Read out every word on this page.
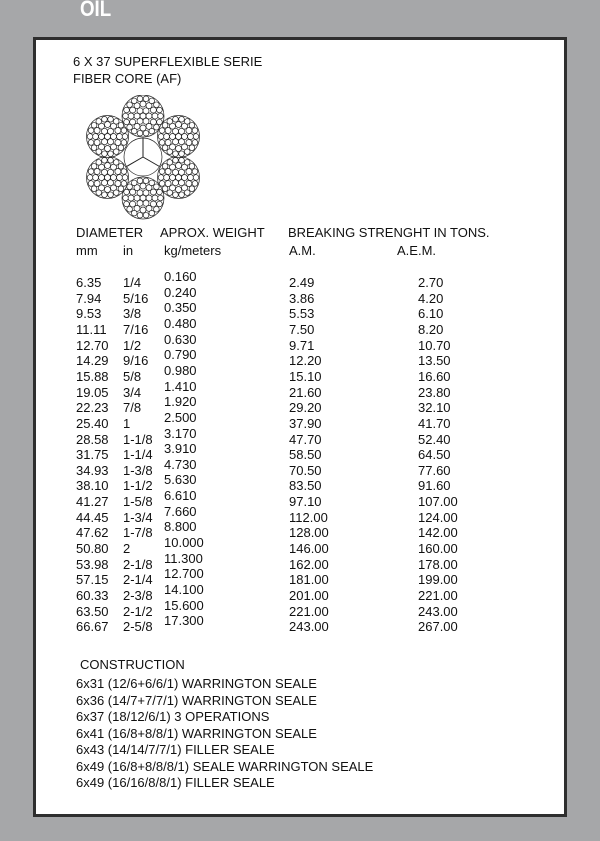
OIL
6 X 37 SUPERFLEXIBLE SERIE
FIBER CORE (AF)
DIAMETER APROX. WEIGHT BREAKING STRENGHT IN TONS.
mm in kg/meters	A.M.	A.E.M.
6.35 1/4 0.160	2.49	2.70
7.94 5/16 0.240	3.86	4.20
9.53 3/8 0.350	5.53	6.10
11.11 7/16 0.480	7.50	8.20
12.70 1/2 0.630	9.71	10.70
14.29 9/16 0.790	12.20	13.50
15.88 5/8 0.980	15.10	16.60
19.05 3/4 1.410	21.60	23.80
22.23 7/8 1.920	29.20	32.10
25.40 1	2.500	37.90	41.70
28.58 1-1/8 3.170	47.70	52.40
31.75 1-1/4 3.910	58.50	64.50
34.93 1-3/8 4.730	70.50	77.60
38.10 1-1/2 5.630	83.50	91.60
41.27 1-5/8 6.610	97.10	107.00
44.45 1-3/4 7.660	112.00	124.00
47.62 1-7/8 8.800	128.00	142.00
50.80 2	10.000	146.00	160.00
53.98 2-1/8 11.300	162.00	178.00
57.15 2-1/4 12.700	181.00	199.00
60.33 2-3/8 14.100	201.00	221.00
63.50 2-1/2 15.600	221.00	243.00
66.67 2-5/8 17.300	243.00	267.00
CONSTRUCTION
6x31 (12/6+6/6/1) WARRINGTON SEALE
6x36 (14/7+7/7/1) WARRINGTON SEALE
6x37 (18/12/6/1) 3 OPERATIONS
6x41 (16/8+8/8/1) WARRINGTON SEALE
6x43 (14/14/7/7/1) FILLER SEALE
6x49 (16/8+8/8/8/1) SEALE WARRINGTON SEALE
6x49 (16/16/8/8/1) FILLER SEALE
